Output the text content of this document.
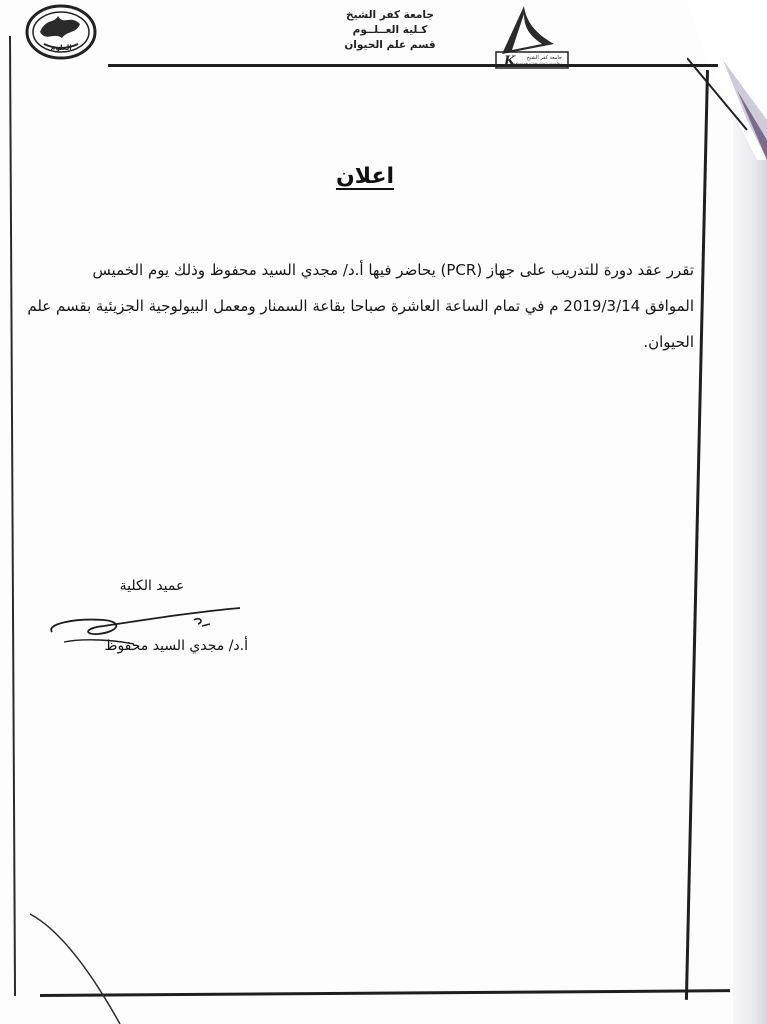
العلوم
جامعة كفر الشيخ
كـلية العــلــوم
قسم علم الحيوان
K جامعة كفر الشيخ
Kafrelsheikh University
اعلان
تقرر عقد دورة للتدريب على جهاز (PCR) يحاضر فيها أ.د/ مجدي السيد محفوظ وذلك يوم الخميس
الموافق 2019/3/14 م في تمام الساعة العاشرة صباحا بقاعة السمنار ومعمل البيولوجية الجزيئية بقسم علم
الحيوان.
عميد الكلية
أ.د/ مجدي السيد محفوظ
